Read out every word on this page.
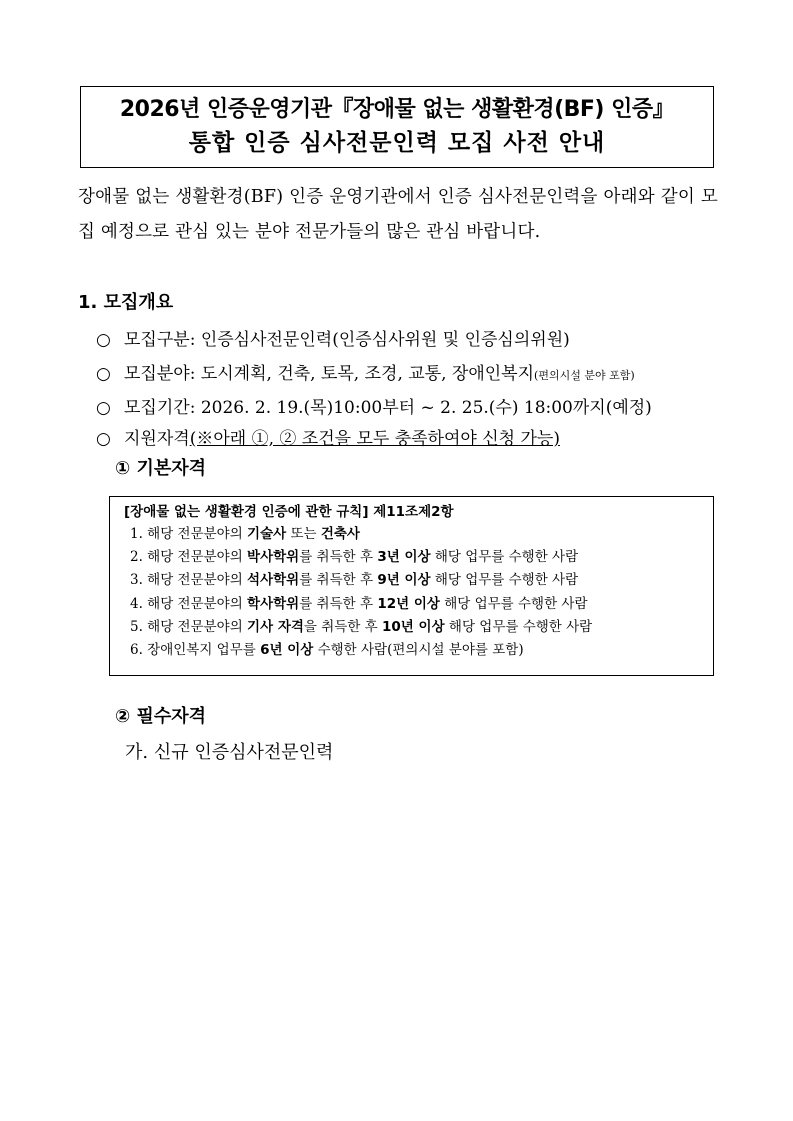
2026년 인증운영기관『장애물 없는 생활환경(BF) 인증』
통합 인증 심사전문인력 모집 사전 안내
장애물 없는 생활환경(BF) 인증 운영기관에서 인증 심사전문인력을 아래와 같이 모집 예정으로 관심 있는 분야 전문가들의 많은 관심 바랍니다.
1. 모집개요
○ 모집구분: 인증심사전문인력(인증심사위원 및 인증심의위원)
○ 모집분야: 도시계획, 건축, 토목, 조경, 교통, 장애인복지(편의시설 분야 포함)
○ 모집기간: 2026. 2. 19.(목)10:00부터 ~ 2. 25.(수) 18:00까지(예정)
○ 지원자격(※아래 ①, ② 조건을 모두 충족하여야 신청 가능)
① 기본자격
[장애물 없는 생활환경 인증에 관한 규칙] 제11조제2항
1. 해당 전문분야의 기술사 또는 건축사
2. 해당 전문분야의 박사학위를 취득한 후 3년 이상 해당 업무를 수행한 사람
3. 해당 전문분야의 석사학위를 취득한 후 9년 이상 해당 업무를 수행한 사람
4. 해당 전문분야의 학사학위를 취득한 후 12년 이상 해당 업무를 수행한 사람
5. 해당 전문분야의 기사 자격을 취득한 후 10년 이상 해당 업무를 수행한 사람
6. 장애인복지 업무를 6년 이상 수행한 사람(편의시설 분야를 포함)
② 필수자격
가. 신규 인증심사전문인력
